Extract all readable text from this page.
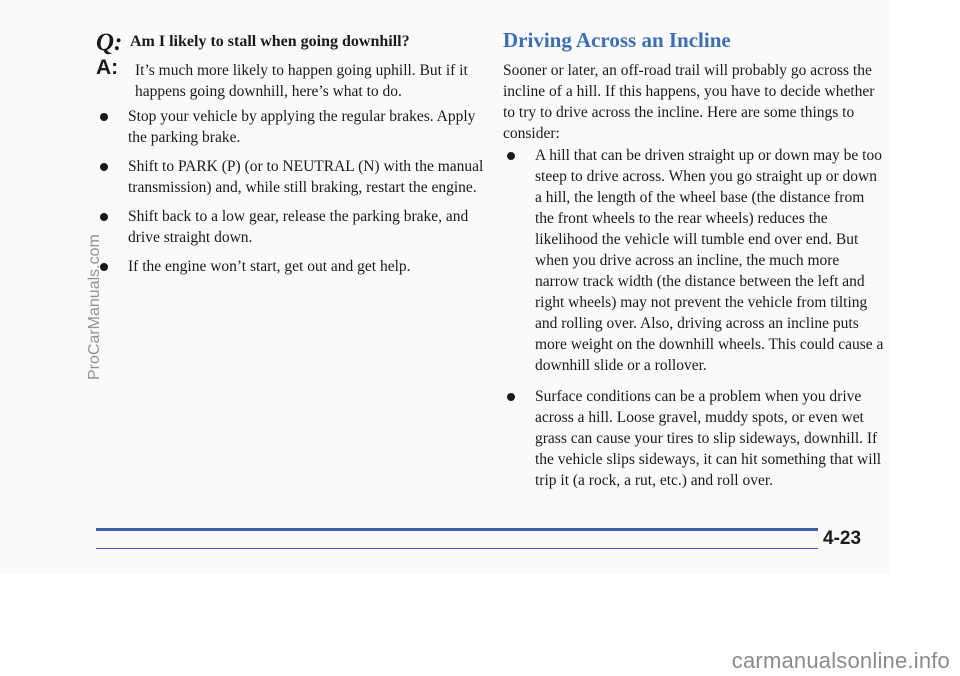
Q: Am I likely to stall when going downhill?
A: It’s much more likely to happen going uphill. But if it happens going downhill, here’s what to do.
Stop your vehicle by applying the regular brakes. Apply the parking brake.
Shift to PARK (P) (or to NEUTRAL (N) with the manual transmission) and, while still braking, restart the engine.
Shift back to a low gear, release the parking brake, and drive straight down.
If the engine won’t start, get out and get help.
Driving Across an Incline

Sooner or later, an off-road trail will probably go across the incline of a hill. If this happens, you have to decide whether to try to drive across the incline. Here are some things to consider:

A hill that can be driven straight up or down may be too steep to drive across. When you go straight up or down a hill, the length of the wheel base (the distance from the front wheels to the rear wheels) reduces the likelihood the vehicle will tumble end over end. But when you drive across an incline, the much more narrow track width (the distance between the left and right wheels) may not prevent the vehicle from tilting and rolling over. Also, driving across an incline puts more weight on the downhill wheels. This could cause a downhill slide or a rollover.
Surface conditions can be a problem when you drive across a hill. Loose gravel, muddy spots, or even wet grass can cause your tires to slip sideways, downhill. If the vehicle slips sideways, it can hit something that will trip it (a rock, a rut, etc.) and roll over.
4-23
ProCarManuals.com
carmanualsonline.info
